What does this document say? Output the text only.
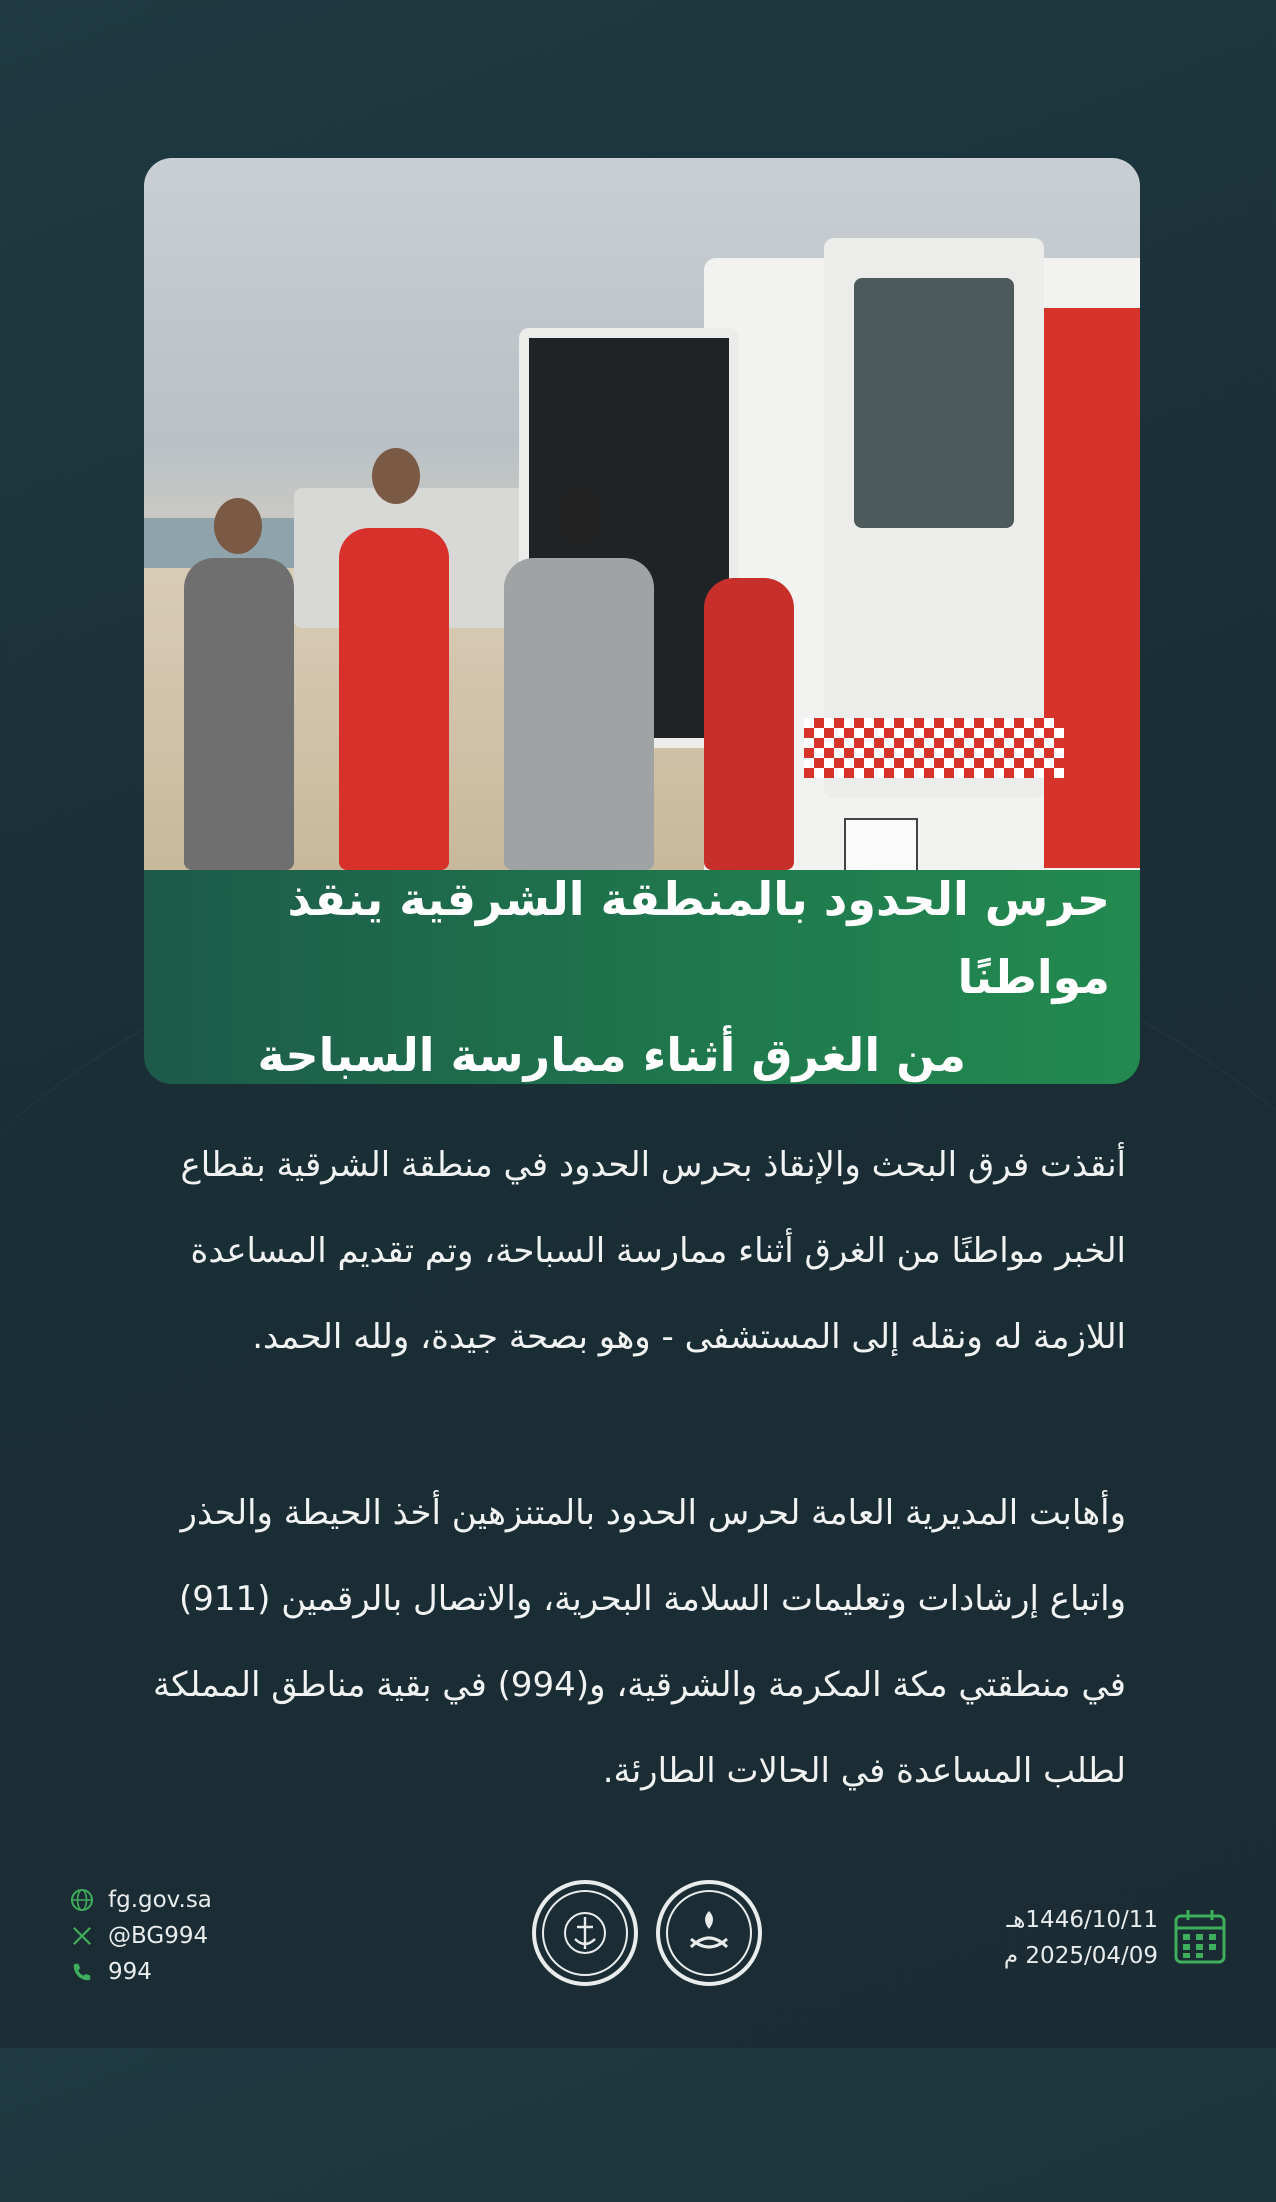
حرس الحدود بالمنطقة الشرقية ينقذ مواطنًا
من الغرق أثناء ممارسة السباحة

أنقذت فرق البحث والإنقاذ بحرس الحدود في منطقة الشرقية بقطاع

الخبر مواطنًا من الغرق أثناء ممارسة السباحة، وتم تقديم المساعدة

اللازمة له ونقله إلى المستشفى - وهو بصحة جيدة، ولله الحمد.

وأهابت المديرية العامة لحرس الحدود بالمتنزهين أخذ الحيطة والحذر

واتباع إرشادات وتعليمات السلامة البحرية، والاتصال بالرقمين (911)

في منطقتي مكة المكرمة والشرقية، و(994) في بقية مناطق المملكة

لطلب المساعدة في الحالات الطارئة.

fg.gov.sa
@BG994
994
1446/10/11هـ
2025/04/09 م
